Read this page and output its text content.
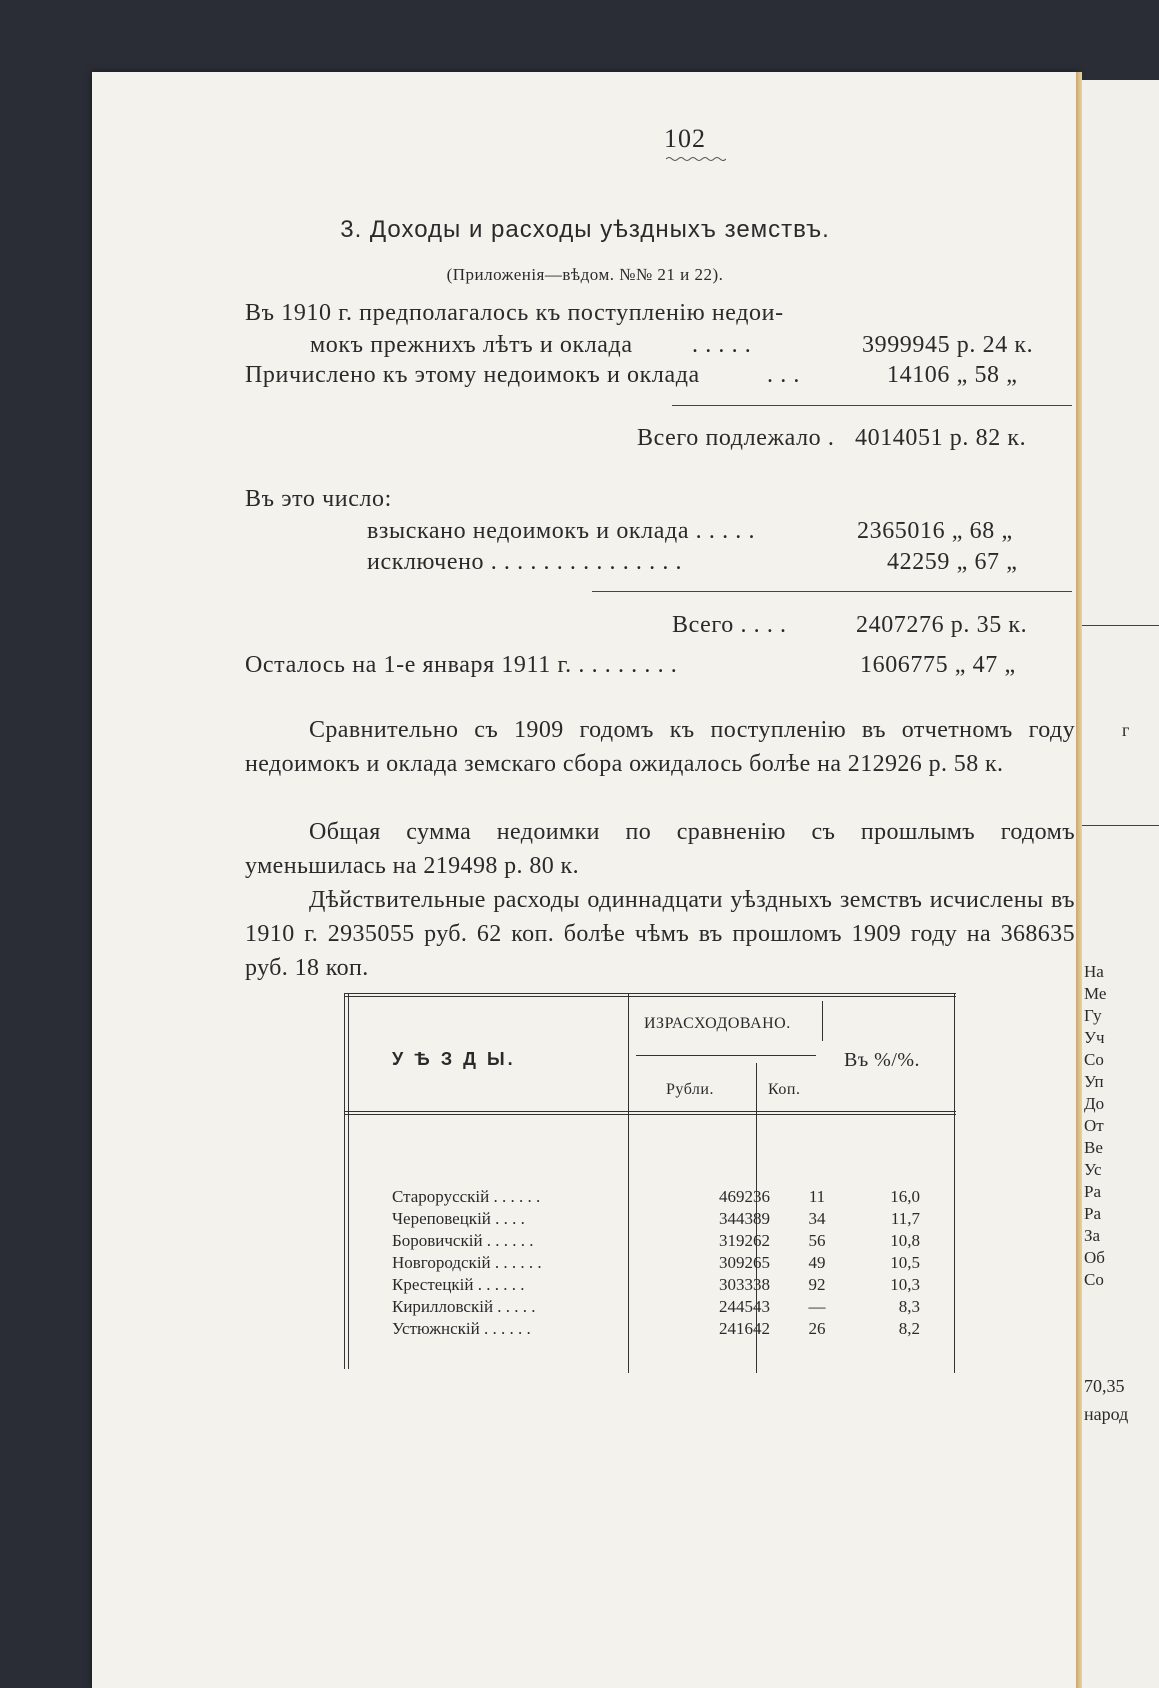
102
3. Доходы и расходы уѣздныхъ земствъ.
(Приложенія—вѣдом. №№ 21 и 22).
Въ 1910 г. предполагалось къ поступленію недои-
мокъ прежнихъ лѣтъ и оклада . . . . .	3999945 р. 24 к.
Причислено къ этому недоимокъ и оклада	. . .	14106 „ 58 „
Всего подлежало . 4014051 р. 82 к.
Въ это число:
взыскано недоимокъ и оклада . . . . .	2365016 „ 68 „
исключено . . . . . . . . . . . . . . .	42259 „ 67 „
Всего . . . .	2407276 р. 35 к.
Осталось на 1-е января 1911 г. . . . . . . . .	1606775 „ 47 „
Сравнительно съ 1909 годомъ къ поступленію въ отчетномъ году недоимокъ и оклада земскаго сбора ожидалось болѣе на 212926 р. 58 к.
Общая сумма недоимки по сравненію съ прошлымъ годомъ уменьшилась на 219498 р. 80 к.
Дѣйствительные расходы одиннадцати уѣздныхъ земствъ исчислены въ 1910 г. 2935055 руб. 62 коп. болѣе чѣмъ въ прошломъ 1909 году на 368635 руб. 18 коп.
У Ѣ З Д Ы.
ИЗРАСХОДОВАНО.
Рубли.	Коп.
Въ %/%.
Старорусскій . . . . . .	469236	11	16,0
Череповецкій . . . .	344389	34	11,7
Боровичскій . . . . . .	319262	56	10,8
Новгородскій . . . . . .	309265	49	10,5
Крестецкій . . . . . .	303338	92	10,3
Кирилловскій . . . . .	244543	—	8,3
Устюжнскій . . . . . .	241642	26	8,2
г
На
Ме
Гу
Уч
Со
Уп
До
От
Ве
Ус
Ра
Ра
За
Об
Со
70,35
народ
